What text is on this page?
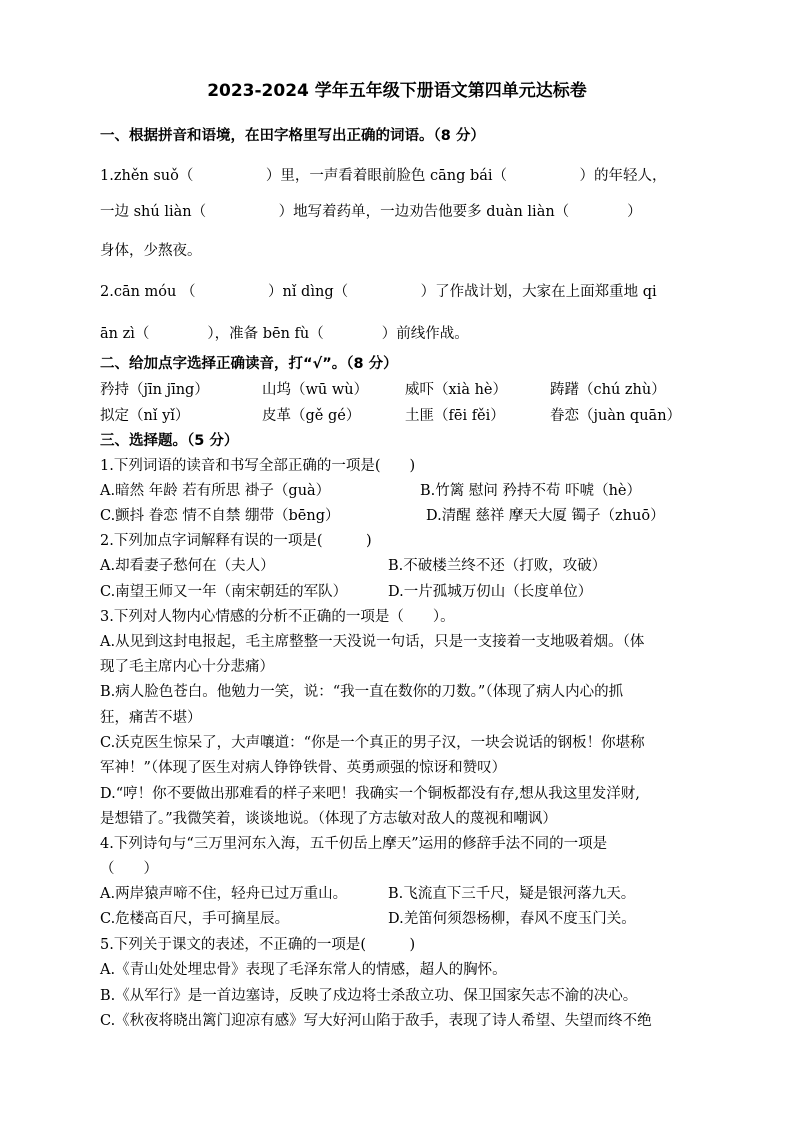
2023-2024 学年五年级下册语文第四单元达标卷
一、根据拼音和语境，在田字格里写出正确的词语。（8 分）
1.zhěn suǒ（　　　　　）里，一声看着眼前脸色 cāng bái（　　　　　）的年轻人，
一边 shú liàn（　　　　　）地写着药单，一边劝告他要多 duàn liàn（　　　　）
身体，少熬夜。
2.cān móu （　　　　　）nǐ dìng（　　　　　）了作战计划，大家在上面郑重地 qi
ān zì（　　　　），准备 bēn fù（　　　　）前线作战。
二、给加点字选择正确读音，打“√”。（8 分）
矜持（jīn jīng）	山坞（wū wù）	威吓（xià hè）	踌躇（chú zhù）
拟定（nǐ yǐ）	皮革（gě gé）	土匪（fēi fěi）	眷恋（juàn quān）
三、选择题。（5 分）
1.下列词语的读音和书写全部正确的一项是(　　)
A.暗然 年龄 若有所思 褂子（guà）	B.竹篱 慰问 矜持不苟 吓唬（hè）
C.颤抖 眷恋 情不自禁 绷带（bēng）	D.清醒 慈祥 摩天大厦 镯子（zhuō）
2.下列加点字词解释有误的一项是(　　　)
A.却看妻子愁何在（夫人）	B.不破楼兰终不还（打败，攻破）
C.南望王师又一年（南宋朝廷的军队）	D.一片孤城万仞山（长度单位）
3.下列对人物内心情感的分析不正确的一项是（　　）。
A.从见到这封电报起，毛主席整整一天没说一句话，只是一支接着一支地吸着烟。（体
现了毛主席内心十分悲痛）
B.病人脸色苍白。他勉力一笑，说：“我一直在数你的刀数。”（体现了病人内心的抓
狂，痛苦不堪）
C.沃克医生惊呆了，大声嚷道：“你是一个真正的男子汉，一块会说话的钢板！你堪称
军神！”（体现了医生对病人铮铮铁骨、英勇顽强的惊讶和赞叹）
D.“哼！你不要做出那难看的样子来吧！我确实一个铜板都没有存,想从我这里发洋财,
是想错了。”我微笑着，谈谈地说。（体现了方志敏对敌人的蔑视和嘲讽）
4.下列诗句与“三万里河东入海，五千仞岳上摩天”运用的修辞手法不同的一项是
（　　）
A.两岸猿声啼不住，轻舟已过万重山。	B.飞流直下三千尺，疑是银河落九天。
C.危楼高百尺，手可摘星辰。	D.羌笛何须怨杨柳，春风不度玉门关。
5.下列关于课文的表述，不正确的一项是(　　　)
A.《青山处处埋忠骨》表现了毛泽东常人的情感，超人的胸怀。
B.《从军行》是一首边塞诗，反映了戍边将士杀敌立功、保卫国家矢志不渝的决心。
C.《秋夜将晓出篱门迎凉有感》写大好河山陷于敌手，表现了诗人希望、失望而终不绝
